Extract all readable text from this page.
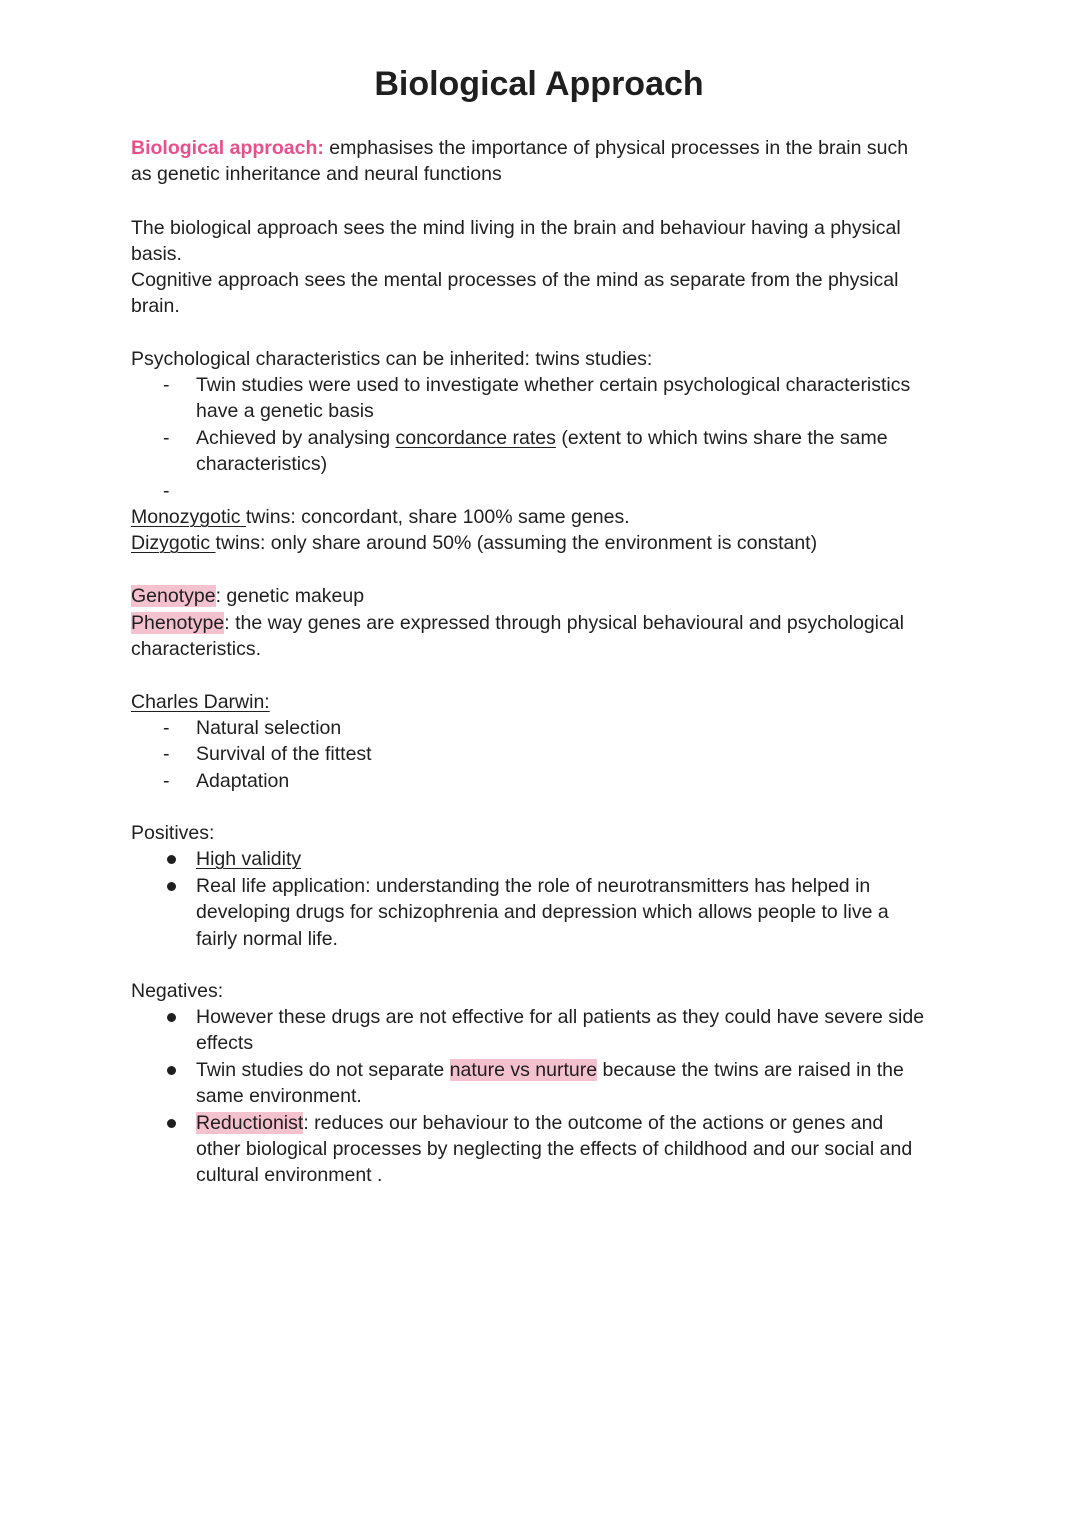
Biological Approach

Biological approach: emphasises the importance of physical processes in the brain such

as genetic inheritance and neural functions

The biological approach sees the mind living in the brain and behaviour having a physical

basis.

Cognitive approach sees the mental processes of the mind as separate from the physical

brain.

Psychological characteristics can be inherited: twins studies:

- Twin studies were used to investigate whether certain psychological characteristics

have a genetic basis

- Achieved by analysing concordance rates (extent to which twins share the same

characteristics)

-

Monozygotic twins: concordant, share 100% same genes.

Dizygotic twins: only share around 50% (assuming the environment is constant)

Genotype: genetic makeup

Phenotype: the way genes are expressed through physical behavioural and psychological

characteristics.

Charles Darwin:

- Natural selection

- Survival of the fittest

- Adaptation

Positives:

High validity

Real life application: understanding the role of neurotransmitters has helped in

developing drugs for schizophrenia and depression which allows people to live a

fairly normal life.

Negatives:

However these drugs are not effective for all patients as they could have severe side

effects

Twin studies do not separate nature vs nurture because the twins are raised in the

same environment.

Reductionist: reduces our behaviour to the outcome of the actions or genes and

other biological processes by neglecting the effects of childhood and our social and

cultural environment .
